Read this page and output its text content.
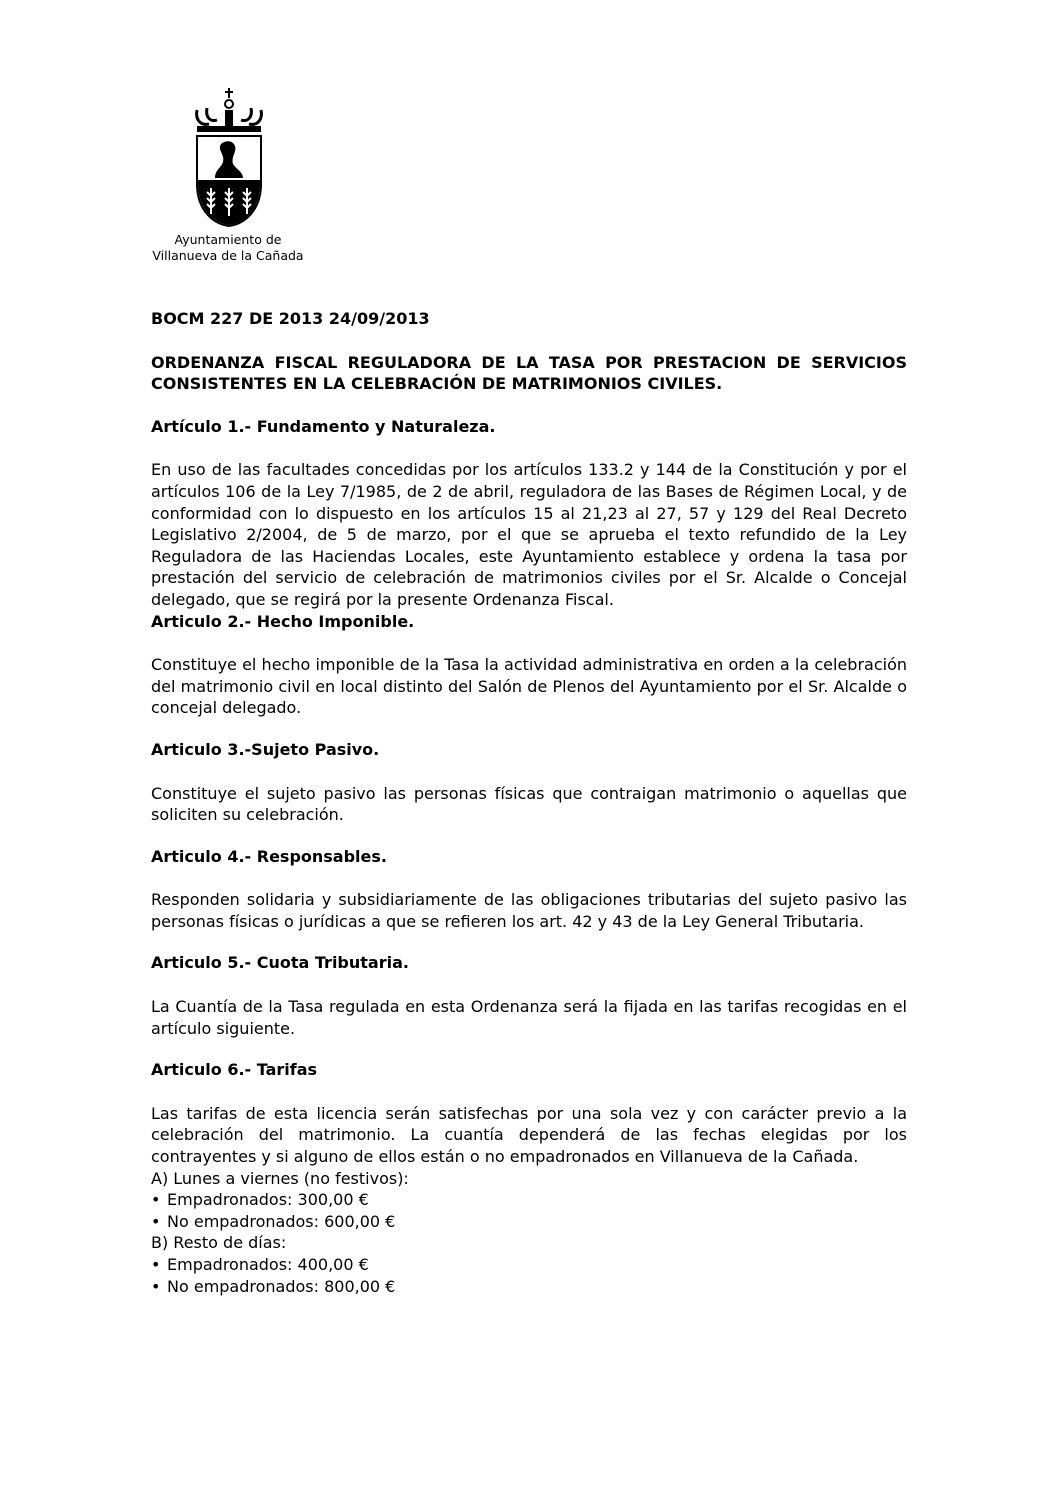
Ayuntamiento de
Villanueva de la Cañada

BOCM 227 DE 2013 24/09/2013

ORDENANZA FISCAL REGULADORA DE LA TASA POR PRESTACION DE SERVICIOS CONSISTENTES EN LA CELEBRACIÓN DE MATRIMONIOS CIVILES.

Artículo 1.- Fundamento y Naturaleza.

En uso de las facultades concedidas por los artículos 133.2 y 144 de la Constitución y por el artículos 106 de la Ley 7/1985, de 2 de abril, reguladora de las Bases de Régimen Local, y de conformidad con lo dispuesto en los artículos 15 al 21,23 al 27, 57 y 129 del Real Decreto Legislativo 2/2004, de 5 de marzo, por el que se aprueba el texto refundido de la Ley Reguladora de las Haciendas Locales, este Ayuntamiento establece y ordena la tasa por prestación del servicio de celebración de matrimonios civiles por el Sr. Alcalde o Concejal delegado, que se regirá por la presente Ordenanza Fiscal.

Articulo 2.- Hecho Imponible.

Constituye el hecho imponible de la Tasa la actividad administrativa en orden a la celebración del matrimonio civil en local distinto del Salón de Plenos del Ayuntamiento por el Sr. Alcalde o concejal delegado.

Articulo 3.-Sujeto Pasivo.

Constituye el sujeto pasivo las personas físicas que contraigan matrimonio o aquellas que soliciten su celebración.

Articulo 4.- Responsables.

Responden solidaria y subsidiariamente de las obligaciones tributarias del sujeto pasivo las personas físicas o jurídicas a que se refieren los art. 42 y 43 de la Ley General Tributaria.

Articulo 5.- Cuota Tributaria.

La Cuantía de la Tasa regulada en esta Ordenanza será la fijada en las tarifas recogidas en el artículo siguiente.

Articulo 6.- Tarifas

Las tarifas de esta licencia serán satisfechas por una sola vez y con carácter previo a la celebración del matrimonio. La cuantía dependerá de las fechas elegidas por los contrayentes y si alguno de ellos están o no empadronados en Villanueva de la Cañada.

A) Lunes a viernes (no festivos):
• Empadronados: 300,00 €
• No empadronados: 600,00 €
B) Resto de días:
• Empadronados: 400,00 €
• No empadronados: 800,00 €
